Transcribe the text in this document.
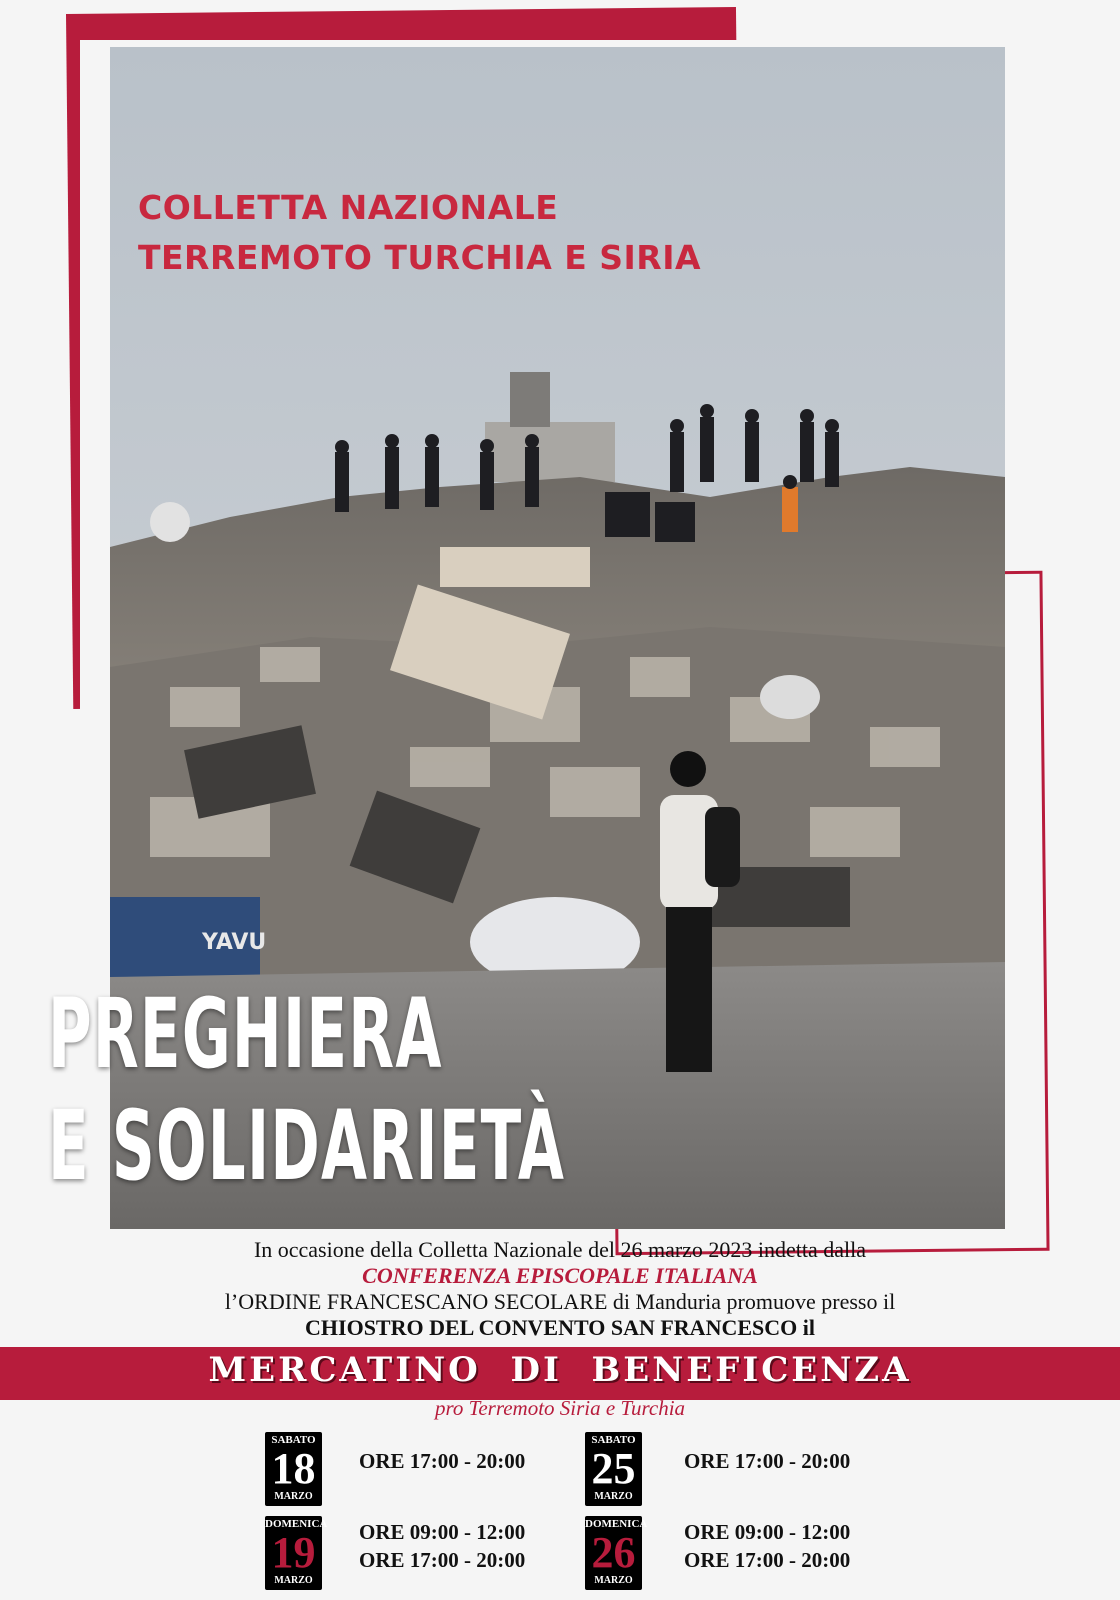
YAVU
COLLETTA NAZIONALE
TERREMOTO TURCHIA E SIRIA
PREGHIERA
E SOLIDARIETÀ
In occasione della Colletta Nazionale del 26 marzo 2023 indetta dalla
CONFERENZA EPISCOPALE ITALIANA
l’ORDINE FRANCESCANO SECOLARE di Manduria promuove presso il
CHIOSTRO DEL CONVENTO SAN FRANCESCO il
MERCATINO  DI  BENEFICENZA
pro Terremoto Siria e Turchia
SABATO
18
MARZO
ORE 17:00 - 20:00
SABATO
25
MARZO
ORE 17:00 - 20:00
DOMENICA
19
MARZO
ORE 09:00 - 12:00
ORE 17:00 - 20:00
DOMENICA
26
MARZO
ORE 09:00 - 12:00
ORE 17:00 - 20:00
